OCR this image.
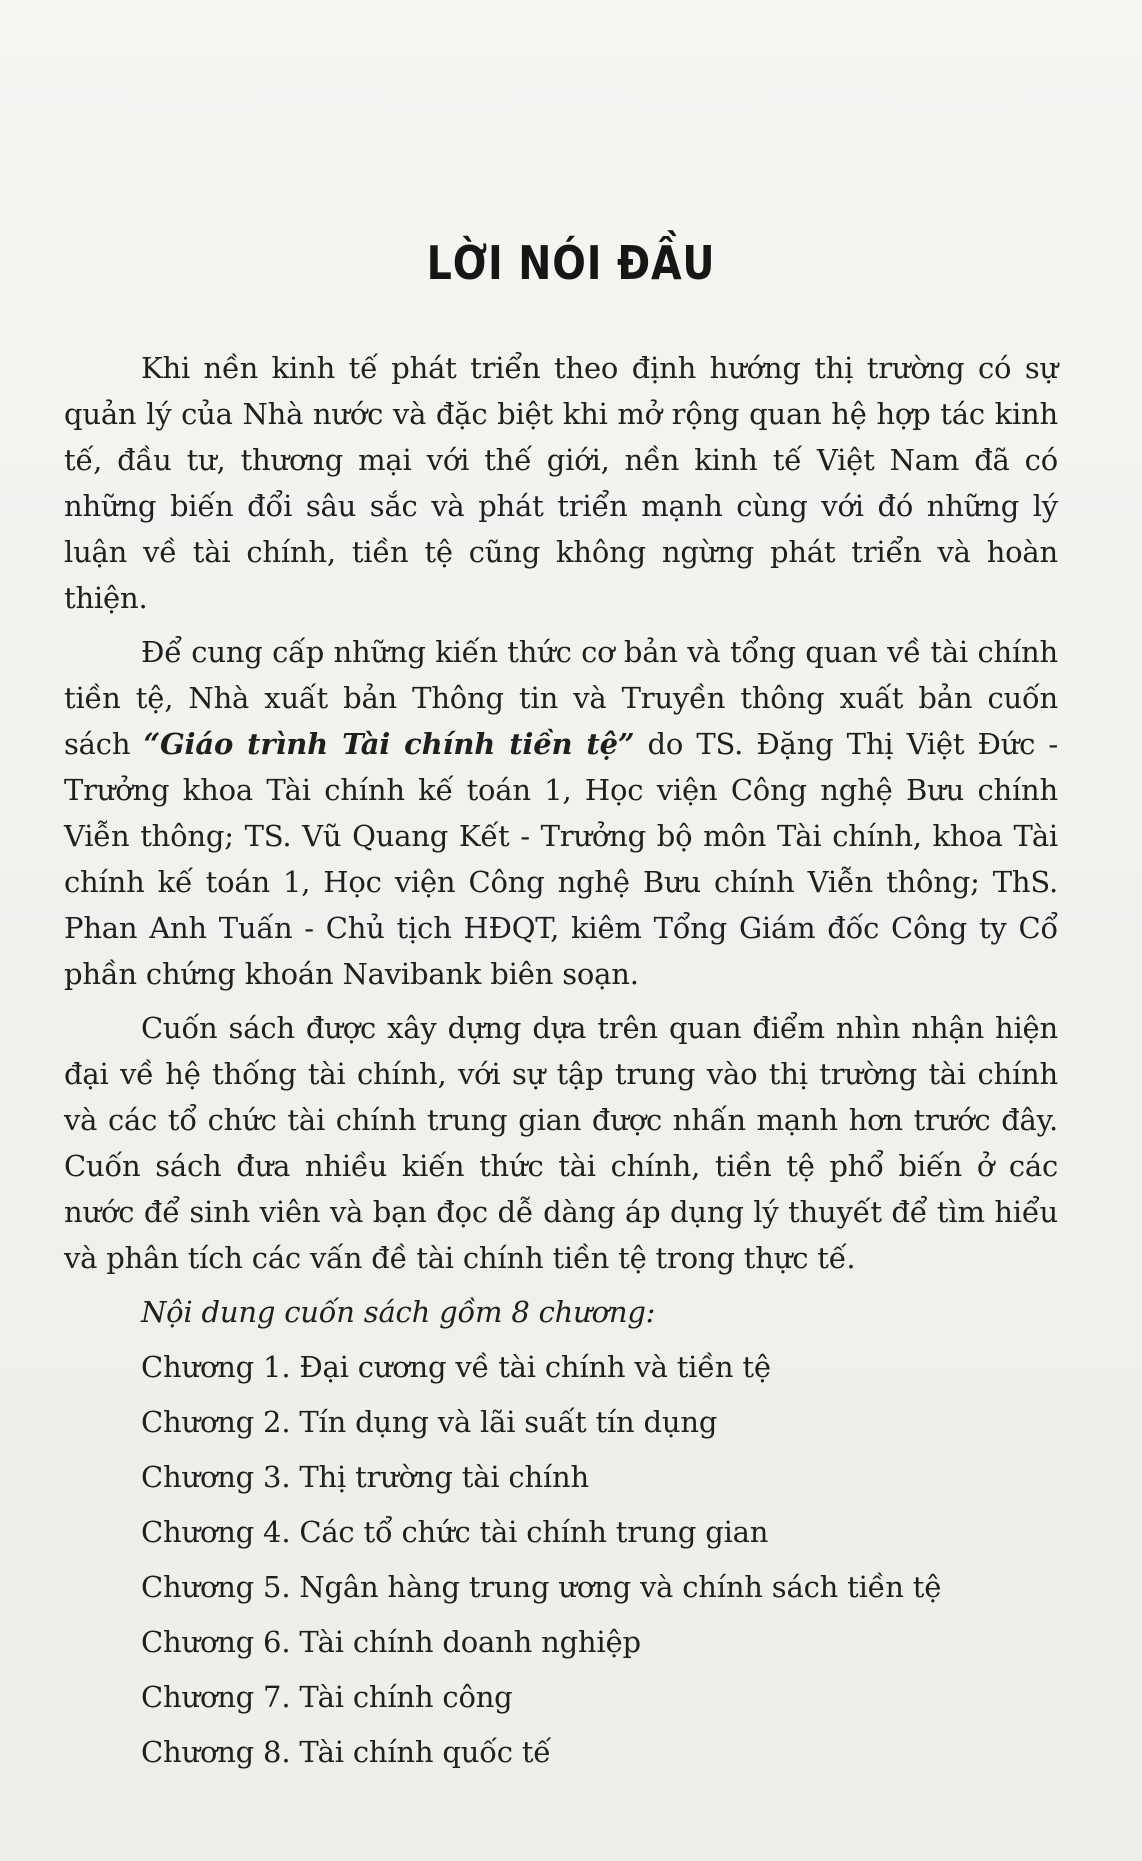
LỜI NÓI ĐẦU

Khi nền kinh tế phát triển theo định hướng thị trường có sự quản lý của Nhà nước và đặc biệt khi mở rộng quan hệ hợp tác kinh tế, đầu tư, thương mại với thế giới, nền kinh tế Việt Nam đã có những biến đổi sâu sắc và phát triển mạnh cùng với đó những lý luận về tài chính, tiền tệ cũng không ngừng phát triển và hoàn thiện.

Để cung cấp những kiến thức cơ bản và tổng quan về tài chính tiền tệ, Nhà xuất bản Thông tin và Truyền thông xuất bản cuốn sách “Giáo trình Tài chính tiền tệ” do TS. Đặng Thị Việt Đức - Trưởng khoa Tài chính kế toán 1, Học viện Công nghệ Bưu chính Viễn thông; TS. Vũ Quang Kết - Trưởng bộ môn Tài chính, khoa Tài chính kế toán 1, Học viện Công nghệ Bưu chính Viễn thông; ThS. Phan Anh Tuấn - Chủ tịch HĐQT, kiêm Tổng Giám đốc Công ty Cổ phần chứng khoán Navibank biên soạn.

Cuốn sách được xây dựng dựa trên quan điểm nhìn nhận hiện đại về hệ thống tài chính, với sự tập trung vào thị trường tài chính và các tổ chức tài chính trung gian được nhấn mạnh hơn trước đây. Cuốn sách đưa nhiều kiến thức tài chính, tiền tệ phổ biến ở các nước để sinh viên và bạn đọc dễ dàng áp dụng lý thuyết để tìm hiểu và phân tích các vấn đề tài chính tiền tệ trong thực tế.

Nội dung cuốn sách gồm 8 chương:

Chương 1. Đại cương về tài chính và tiền tệ
Chương 2. Tín dụng và lãi suất tín dụng
Chương 3. Thị trường tài chính
Chương 4. Các tổ chức tài chính trung gian
Chương 5. Ngân hàng trung ương và chính sách tiền tệ
Chương 6. Tài chính doanh nghiệp
Chương 7. Tài chính công
Chương 8. Tài chính quốc tế
